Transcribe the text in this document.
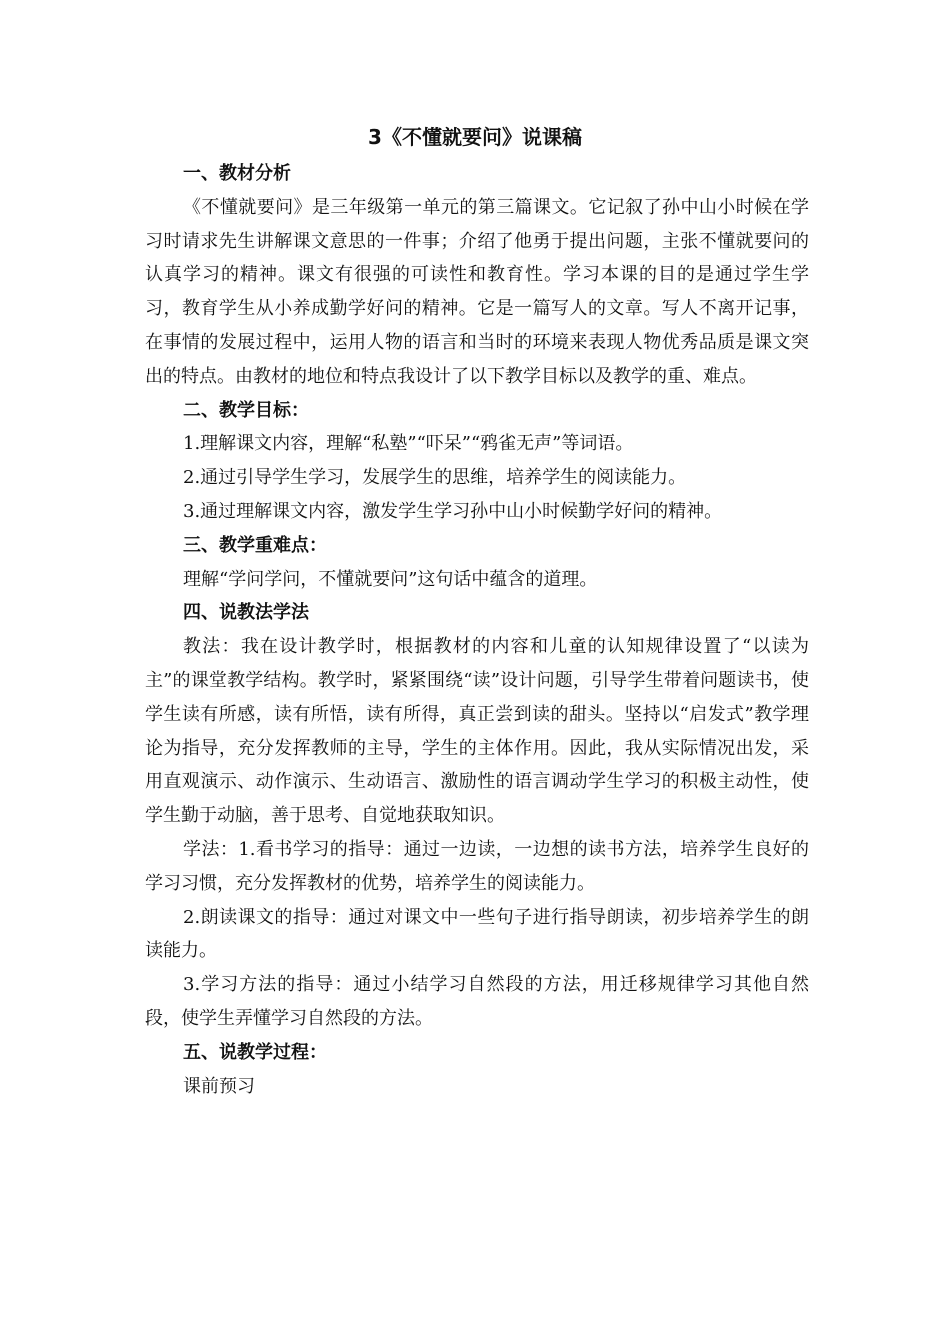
3《不懂就要问》说课稿

一、教材分析

《不懂就要问》是三年级第一单元的第三篇课文。它记叙了孙中山小时候在学习时请求先生讲解课文意思的一件事；介绍了他勇于提出问题，主张不懂就要问的认真学习的精神。课文有很强的可读性和教育性。学习本课的目的是通过学生学习，教育学生从小养成勤学好问的精神。它是一篇写人的文章。写人不离开记事，在事情的发展过程中，运用人物的语言和当时的环境来表现人物优秀品质是课文突出的特点。由教材的地位和特点我设计了以下教学目标以及教学的重、难点。

二、教学目标：

1.理解课文内容，理解“私塾”“吓呆”“鸦雀无声”等词语。

2.通过引导学生学习，发展学生的思维，培养学生的阅读能力。

3.通过理解课文内容，激发学生学习孙中山小时候勤学好问的精神。

三、教学重难点：

理解“学问学问，不懂就要问”这句话中蕴含的道理。

四、说教法学法

教法：我在设计教学时，根据教材的内容和儿童的认知规律设置了“以读为主”的课堂教学结构。教学时，紧紧围绕“读”设计问题，引导学生带着问题读书，使学生读有所感，读有所悟，读有所得，真正尝到读的甜头。坚持以“启发式”教学理论为指导，充分发挥教师的主导，学生的主体作用。因此，我从实际情况出发，采用直观演示、动作演示、生动语言、激励性的语言调动学生学习的积极主动性，使学生勤于动脑，善于思考、自觉地获取知识。

学法：1.看书学习的指导：通过一边读，一边想的读书方法，培养学生良好的学习习惯，充分发挥教材的优势，培养学生的阅读能力。

2.朗读课文的指导：通过对课文中一些句子进行指导朗读，初步培养学生的朗读能力。

3.学习方法的指导：通过小结学习自然段的方法，用迁移规律学习其他自然段，使学生弄懂学习自然段的方法。

五、说教学过程：

课前预习
